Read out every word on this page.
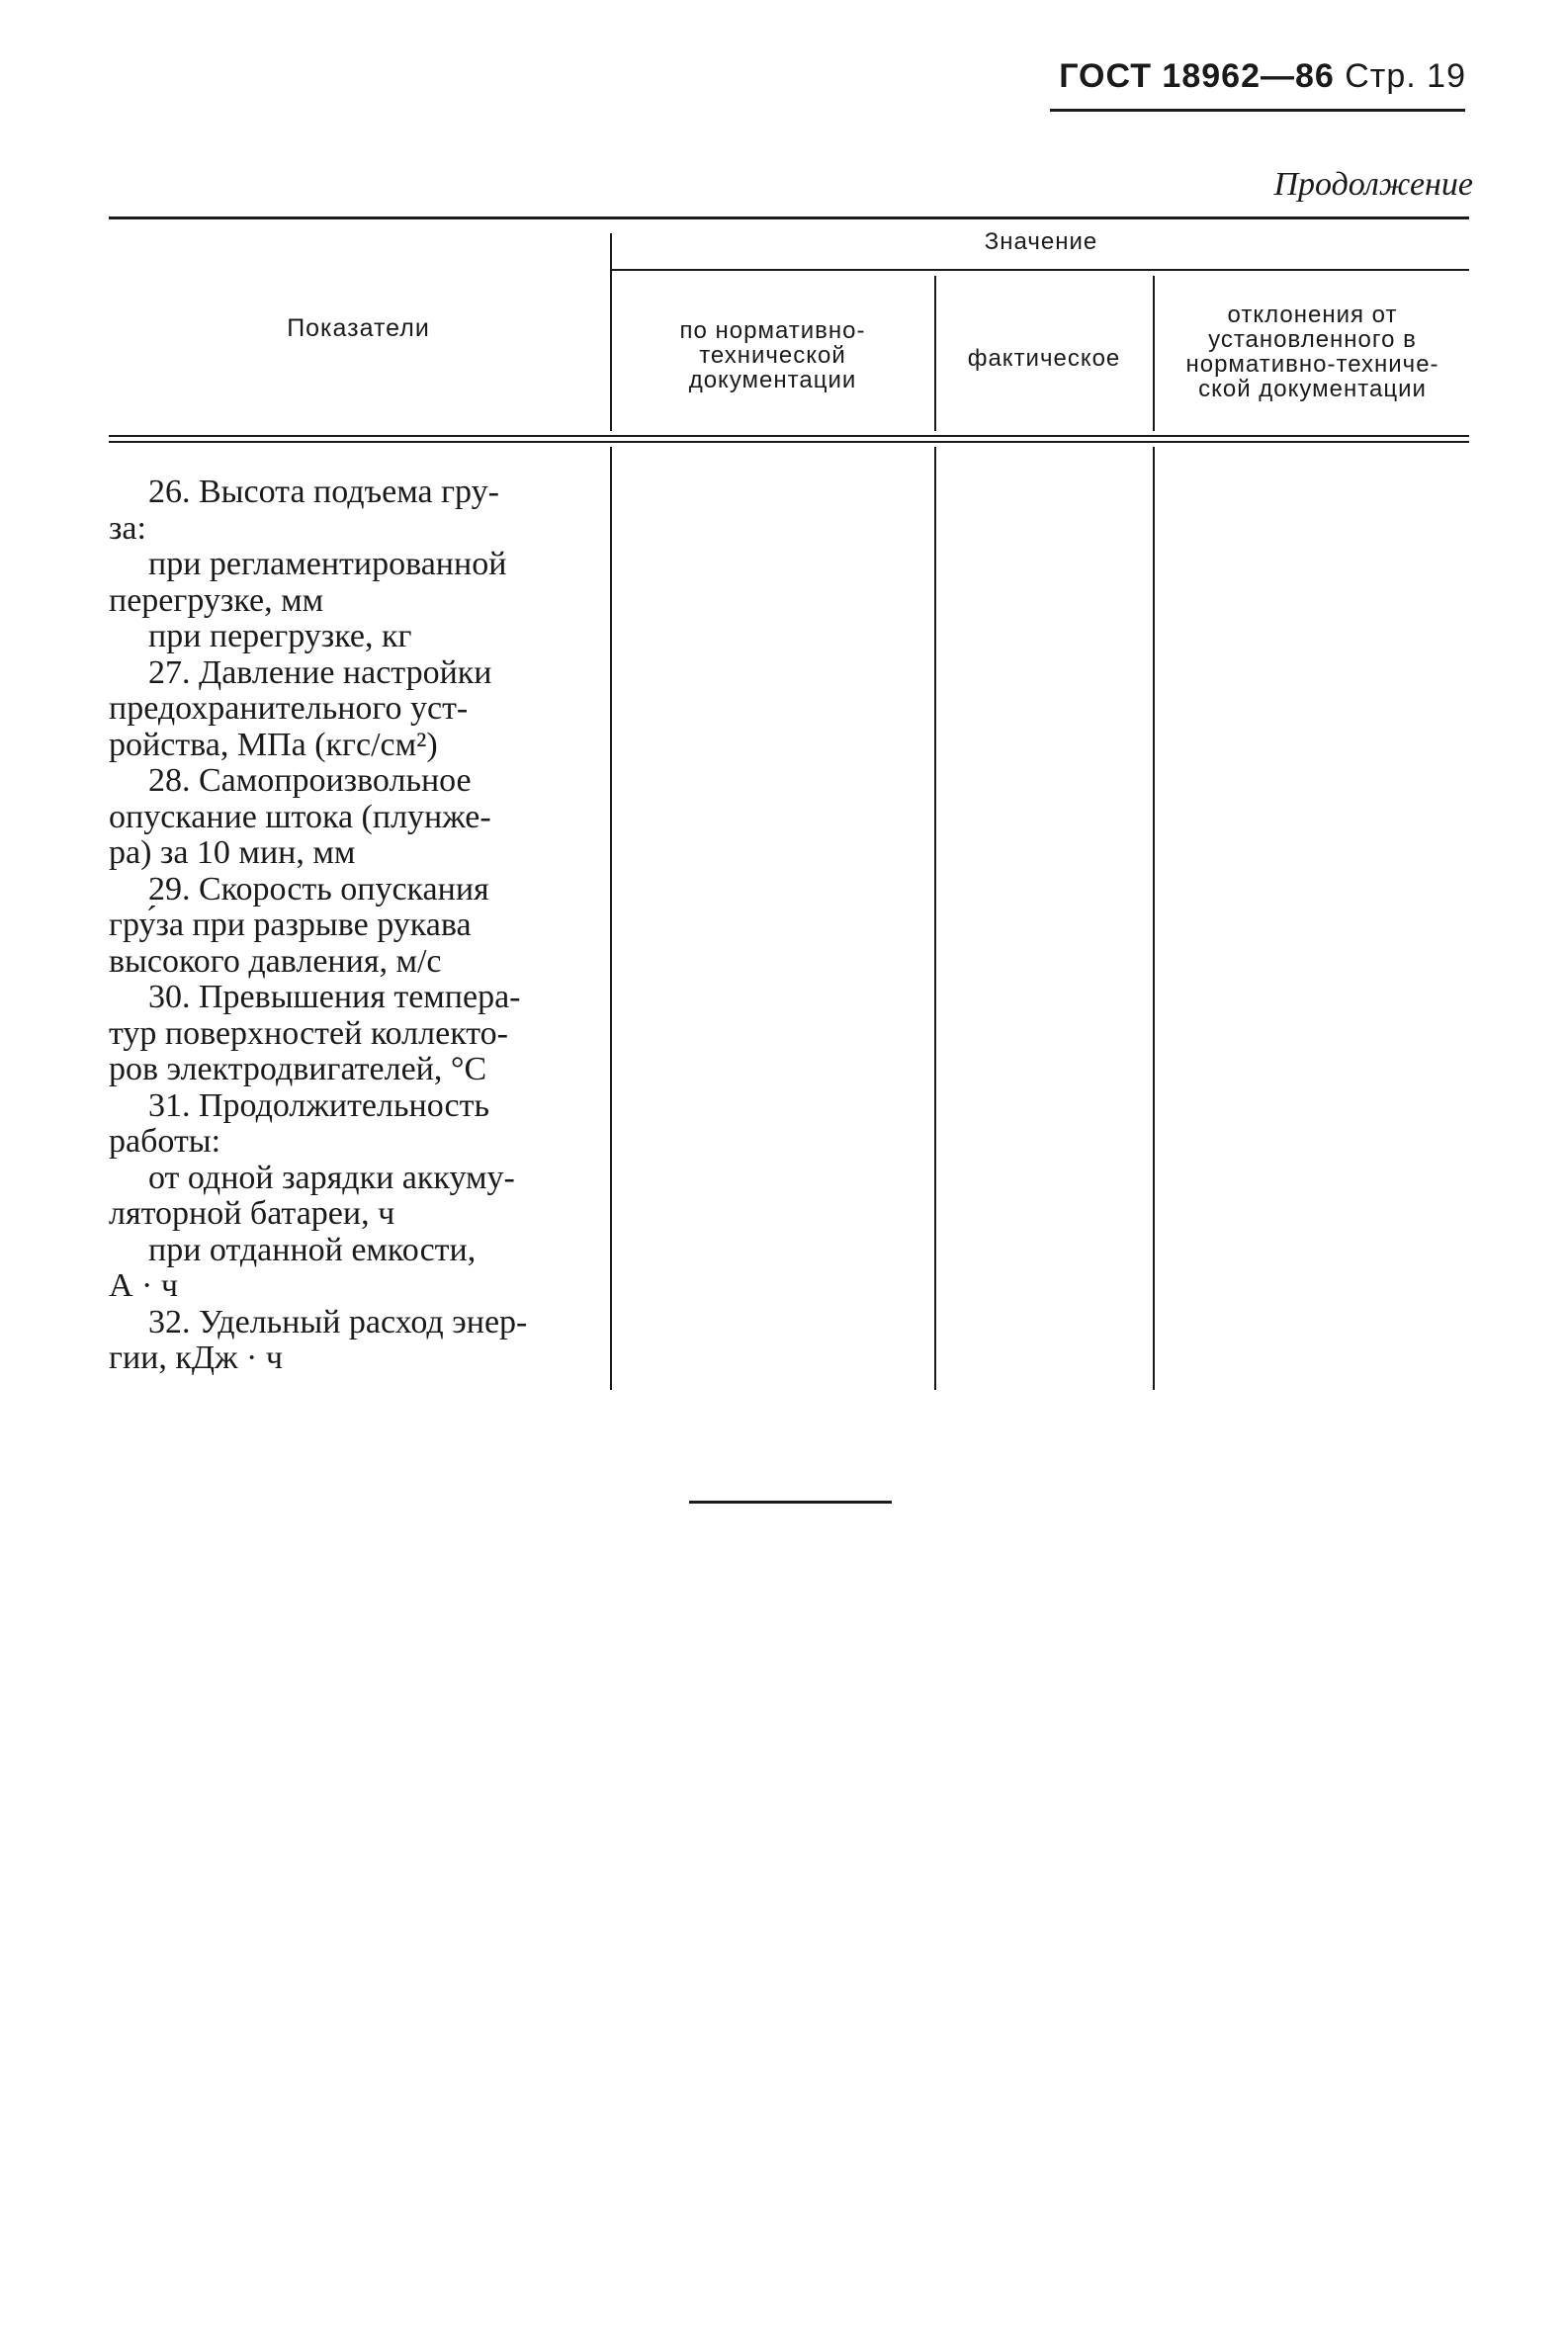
ГОСТ 18962—86 Стр. 19
Продолжение
Показатели
Значение
по нормативно-
технической
документации
фактическое
отклонения от
установленного в
нормативно-техниче-
ской документации
26. Высота подъема гру-
за:
при регламентированной
перегрузке, мм
при перегрузке, кг
27. Давление настройки
предохранительного уст-
ройства, МПа (кгс/см²)
28. Самопроизвольное
опускание штока (плунже-
ра) за 10 мин, мм
29. Скорость опускания
гру́за при разрыве рукава
высокого давления, м/с
30. Превышения темпера-
тур поверхностей коллекто-
ров электродвигателей, °С
31. Продолжительность
работы:
от одной зарядки аккуму-
ляторной батареи, ч
при отданной емкости,
А · ч
32. Удельный расход энер-
гии, кДж · ч
